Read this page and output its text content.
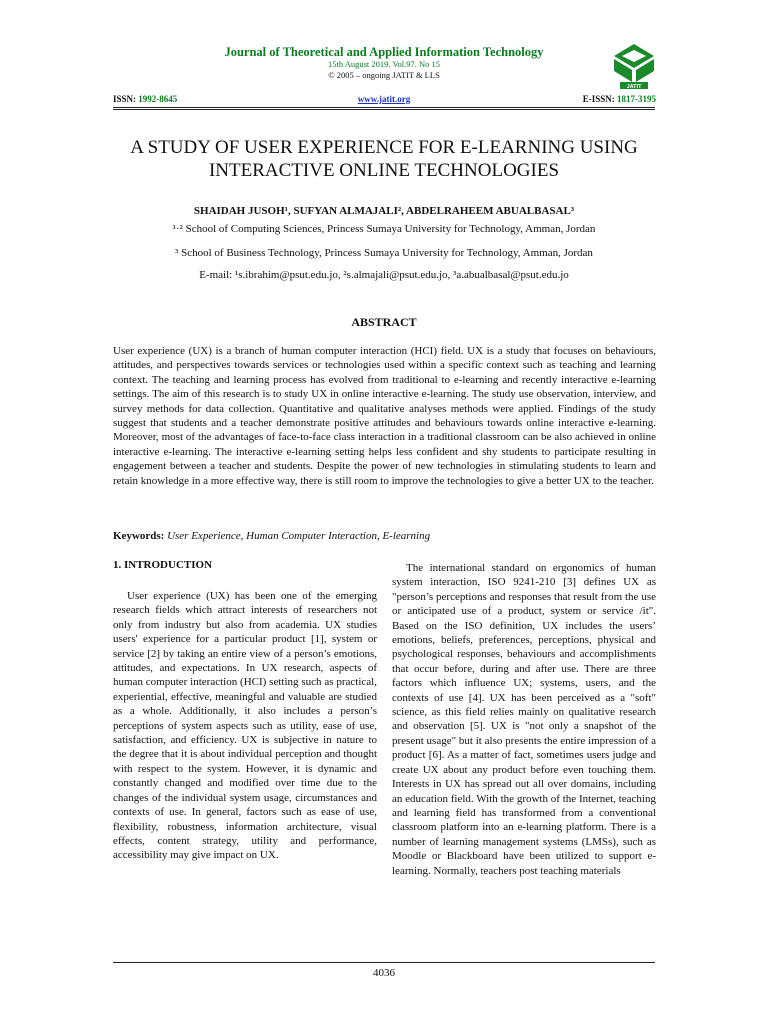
Journal of Theoretical and Applied Information Technology
15th August 2019. Vol.97. No 15
© 2005 – ongoing JATIT & LLS
JATIT
ISSN: 1992-8645	www.jatit.org	E-ISSN: 1817-3195
A STUDY OF USER EXPERIENCE FOR E-LEARNING USING
INTERACTIVE ONLINE TECHNOLOGIES
SHAIDAH JUSOH¹, SUFYAN ALMAJALI², ABDELRAHEEM ABUALBASAL³
¹·² School of Computing Sciences, Princess Sumaya University for Technology, Amman, Jordan
³ School of Business Technology, Princess Sumaya University for Technology, Amman, Jordan
E-mail: ¹s.ibrahim@psut.edu.jo, ²s.almajali@psut.edu.jo, ³a.abualbasal@psut.edu.jo
ABSTRACT
User experience (UX) is a branch of human computer interaction (HCI) field. UX is a study that focuses on behaviours, attitudes, and perspectives towards services or technologies used within a specific context such as teaching and learning context. The teaching and learning process has evolved from traditional to e-learning and recently interactive e-learning settings. The aim of this research is to study UX in online interactive e-learning. The study use observation, interview, and survey methods for data collection. Quantitative and qualitative analyses methods were applied. Findings of the study suggest that students and a teacher demonstrate positive attitudes and behaviours towards online interactive e-learning. Moreover, most of the advantages of face-to-face class interaction in a traditional classroom can be also achieved in online interactive e-learning. The interactive e-learning setting helps less confident and shy students to participate resulting in engagement between a teacher and students. Despite the power of new technologies in stimulating students to learn and retain knowledge in a more effective way, there is still room to improve the technologies to give a better UX to the teacher.
Keywords: User Experience, Human Computer Interaction, E-learning
1. INTRODUCTION
User experience (UX) has been one of the emerging research fields which attract interests of researchers not only from industry but also from academia. UX studies users' experience for a particular product [1], system or service [2] by taking an entire view of a person’s emotions, attitudes, and expectations. In UX research, aspects of human computer interaction (HCI) setting such as practical, experiential, effective, meaningful and valuable are studied as a whole. Additionally, it also includes a person’s perceptions of system aspects such as utility, ease of use, satisfaction, and efficiency. UX is subjective in nature to the degree that it is about individual perception and thought with respect to the system. However, it is dynamic and constantly changed and modified over time due to the changes of the individual system usage, circumstances and contexts of use. In general, factors such as ease of use, flexibility, robustness, information architecture, visual effects, content strategy, utility and performance, accessibility may give impact on UX.
The international standard on ergonomics of human system interaction, ISO 9241-210 [3] defines UX as "person’s perceptions and responses that result from the use or anticipated use of a product, system or service /it". Based on the ISO definition, UX includes the users’ emotions, beliefs, preferences, perceptions, physical and psychological responses, behaviours and accomplishments that occur before, during and after use. There are three factors which influence UX; systems, users, and the contexts of use [4]. UX has been perceived as a "soft" science, as this field relies mainly on qualitative research and observation [5]. UX is "not only a snapshot of the present usage" but it also presents the entire impression of a product [6]. As a matter of fact, sometimes users judge and create UX about any product before even touching them. Interests in UX has spread out all over domains, including an education field. With the growth of the Internet, teaching and learning field has transformed from a conventional classroom platform into an e-learning platform. There is a number of learning management systems (LMSs), such as Moodle or Blackboard have been utilized to support e-learning. Normally, teachers post teaching materials
4036
